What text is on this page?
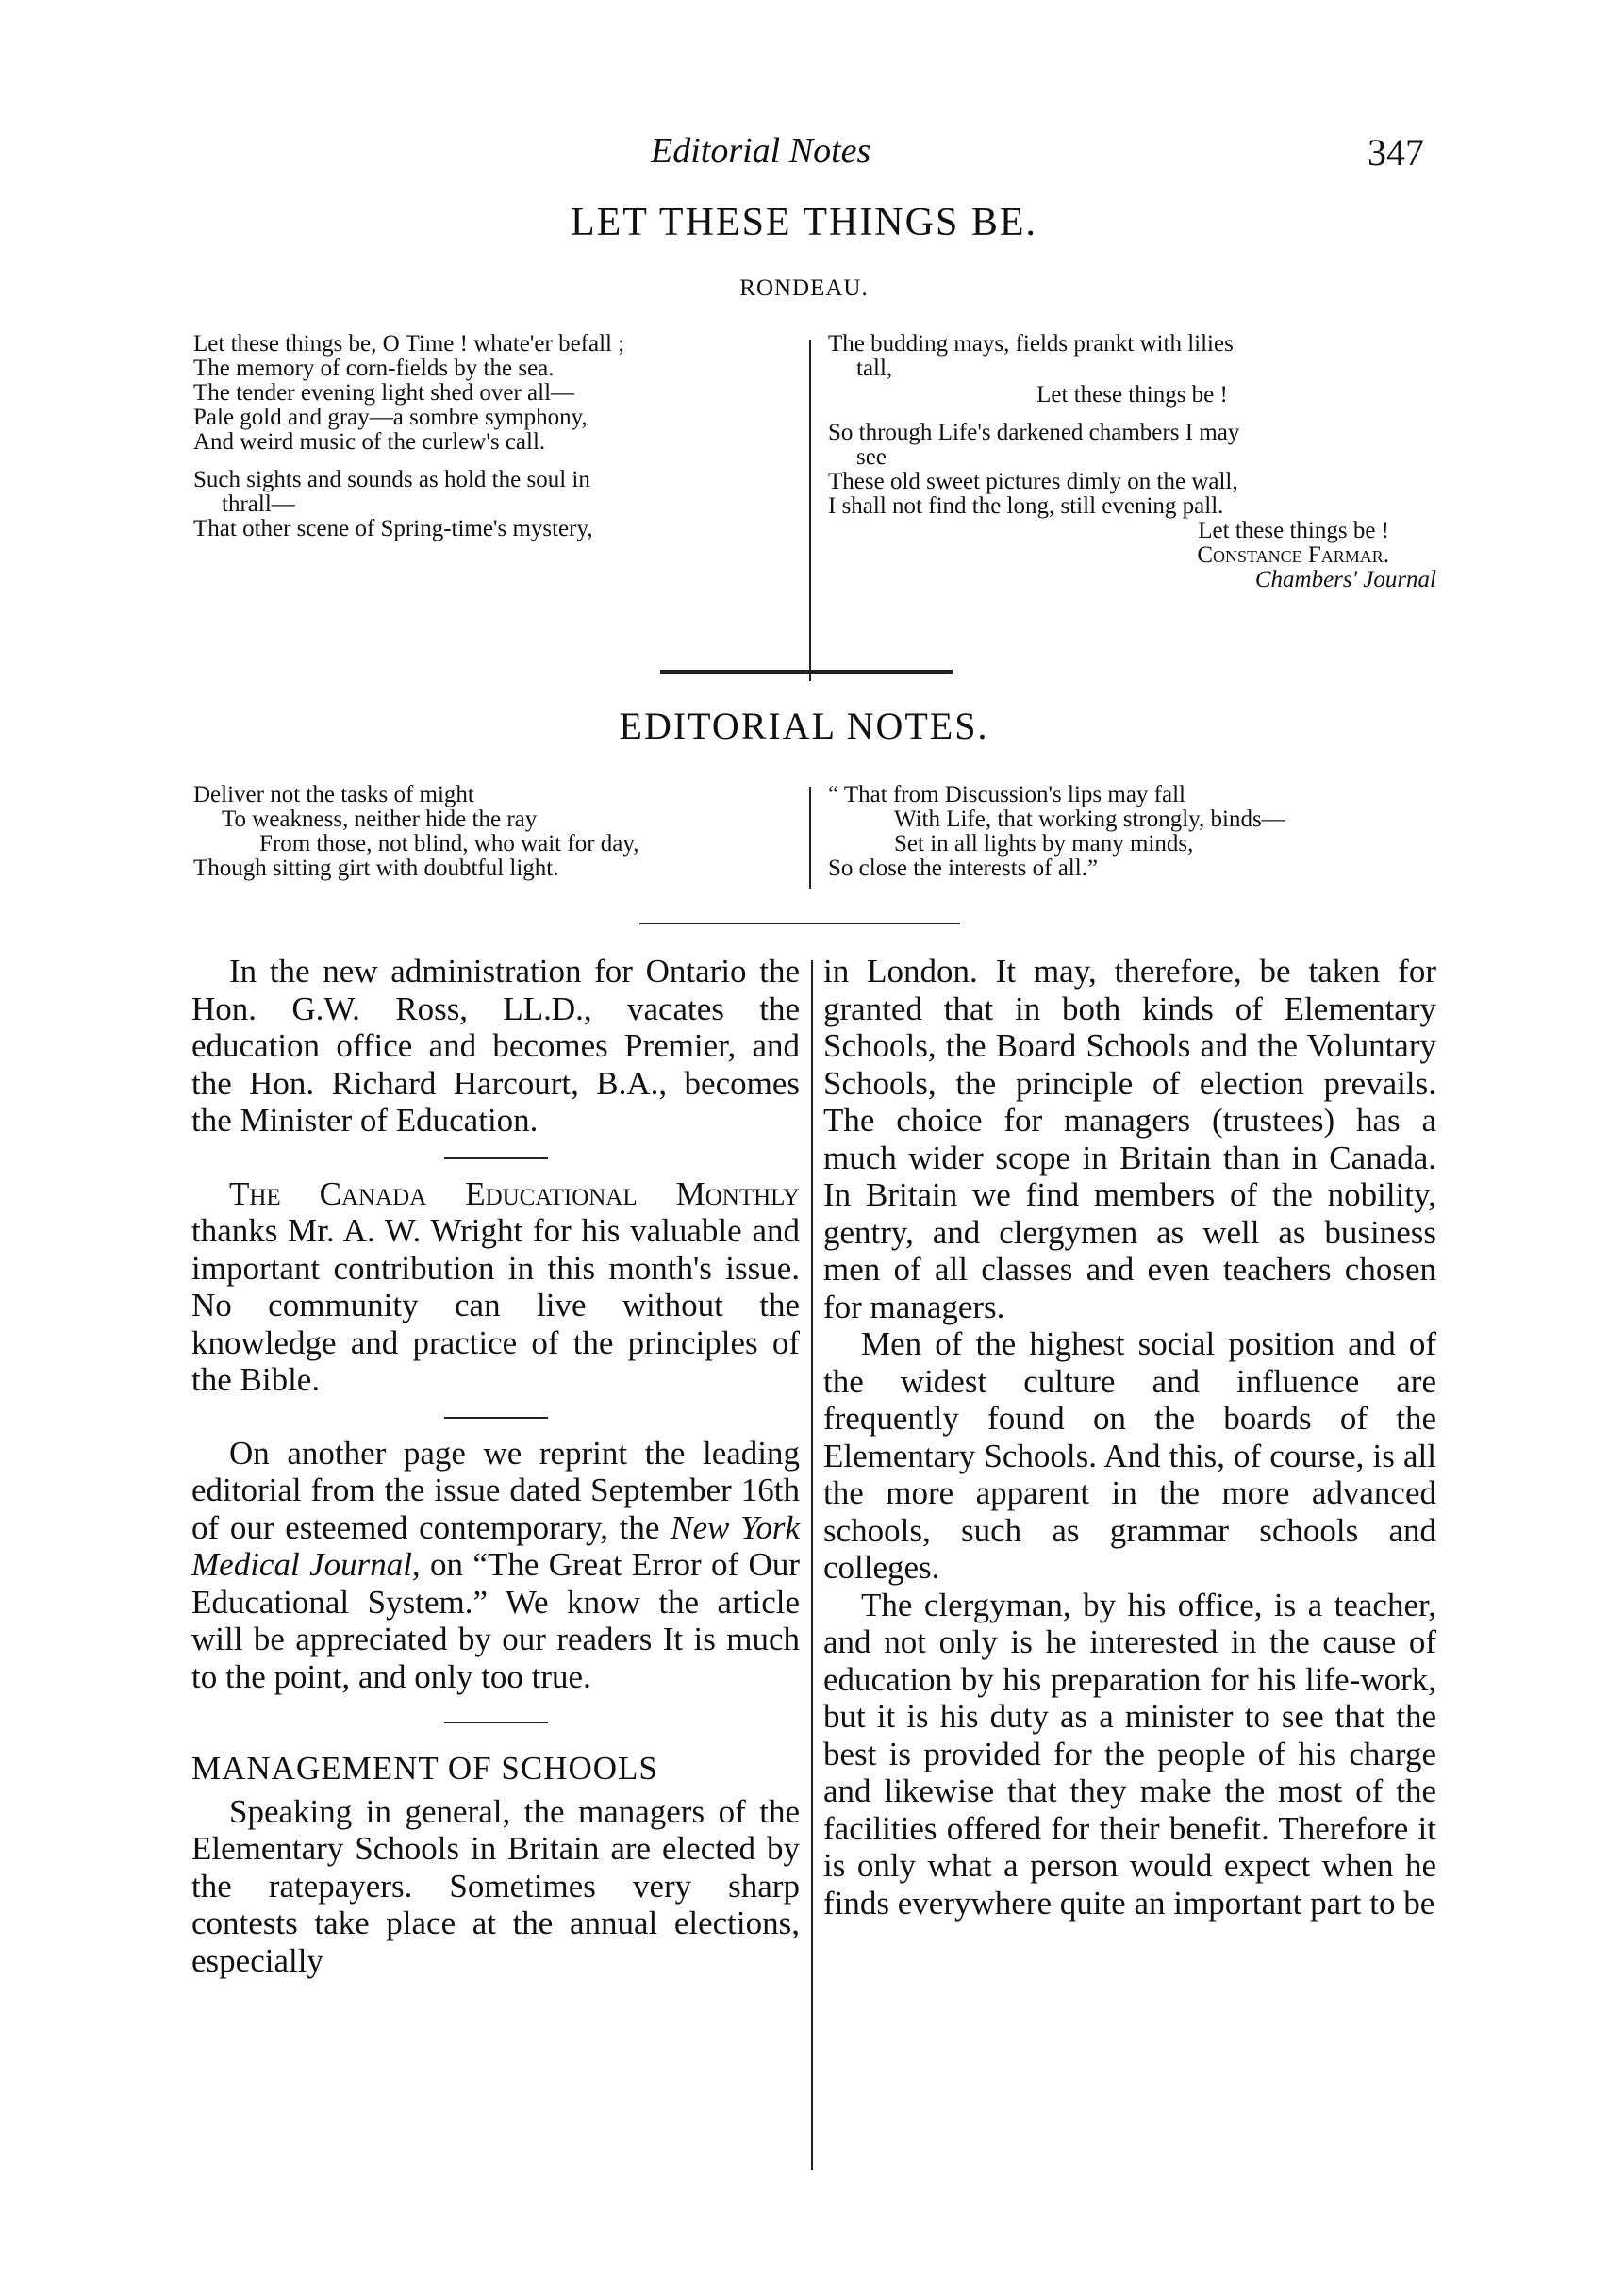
Editorial Notes	347
LET THESE THINGS BE.
RONDEAU.
Let these things be, O Time ! whate'er befall ;
The memory of corn-fields by the sea.
The tender evening light shed over all—
Pale gold and gray—a sombre symphony,
And weird music of the curlew's call.
Such sights and sounds as hold the soul in
thrall—
That other scene of Spring-time's mystery,
The budding mays, fields prankt with lilies
tall,
Let these things be !
So through Life's darkened chambers I may
see
These old sweet pictures dimly on the wall,
I shall not find the long, still evening pall.
Let these things be !
Constance Farmar.
Chambers' Journal
EDITORIAL NOTES.
Deliver not the tasks of might
To weakness, neither hide the ray
From those, not blind, who wait for day,
Though sitting girt with doubtful light.
“ That from Discussion's lips may fall
With Life, that working strongly, binds—
Set in all lights by many minds,
So close the interests of all.”

In the new administration for Ontario the Hon. G.W. Ross, LL.D., vacates the education office and becomes Premier, and the Hon. Richard Harcourt, B.A., becomes the Minister of Education.

The Canada Educational Monthly thanks Mr. A. W. Wright for his valuable and important contribution in this month's issue. No community can live without the knowledge and practice of the principles of the Bible.

On another page we reprint the leading editorial from the issue dated September 16th of our esteemed contemporary, the New York Medical Journal, on “The Great Error of Our Educational System.” We know the article will be appreciated by our readers It is much to the point, and only too true.

MANAGEMENT OF SCHOOLS

Speaking in general, the managers of the Elementary Schools in Britain are elected by the ratepayers. Sometimes very sharp contests take place at the annual elections, especially

in London. It may, therefore, be taken for granted that in both kinds of Elementary Schools, the Board Schools and the Voluntary Schools, the principle of election prevails. The choice for managers (trustees) has a much wider scope in Britain than in Canada. In Britain we find members of the nobility, gentry, and clergymen as well as business men of all classes and even teachers chosen for managers.

Men of the highest social position and of the widest culture and influence are frequently found on the boards of the Elementary Schools. And this, of course, is all the more apparent in the more advanced schools, such as grammar schools and colleges.

The clergyman, by his office, is a teacher, and not only is he interested in the cause of education by his preparation for his life-work, but it is his duty as a minister to see that the best is provided for the people of his charge and likewise that they make the most of the facilities offered for their benefit. Therefore it is only what a person would expect when he finds everywhere quite an important part to be
